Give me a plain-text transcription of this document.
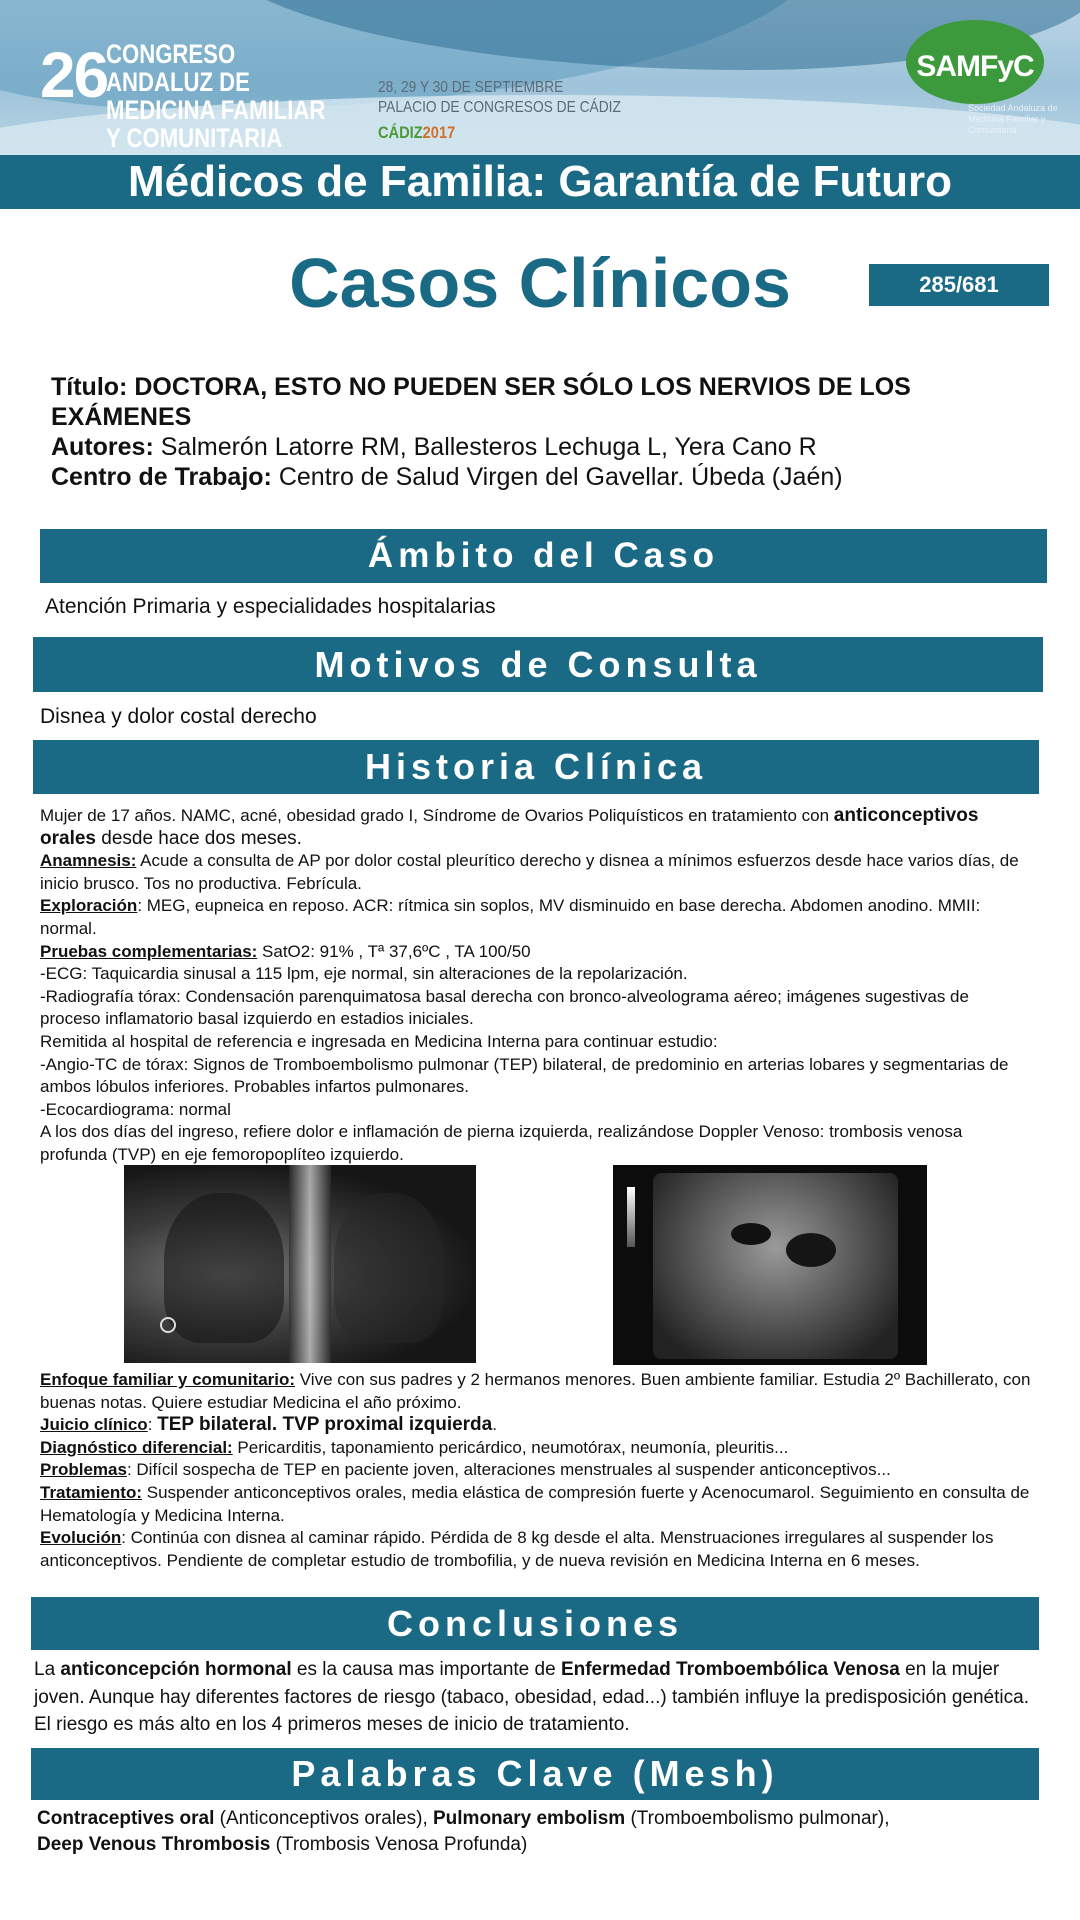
26
CONGRESO ANDALUZ DE MEDICINA FAMILIAR Y COMUNITARIA
28, 29 Y 30 DE SEPTIEMBRE
PALACIO DE CONGRESOS DE CÁDIZ
CÁDIZ2017
SAMFyC
Sociedad Andaluza de Medicina Familiar y Comunitaria
Médicos de Familia: Garantía de Futuro
Casos Clínicos	285/681
Título: DOCTORA, ESTO NO PUEDEN SER SÓLO LOS NERVIOS DE LOS EXÁMENES
Autores: Salmerón Latorre RM, Ballesteros Lechuga L, Yera Cano R
Centro de Trabajo: Centro de Salud Virgen del Gavellar. Úbeda (Jaén)
Ámbito del Caso
Atención Primaria y especialidades hospitalarias
Motivos de Consulta
Disnea y dolor costal derecho
Historia Clínica

Mujer de 17 años. NAMC, acné, obesidad grado I, Síndrome de Ovarios Poliquísticos en tratamiento con anticonceptivos orales desde hace dos meses.

Anamnesis: Acude a consulta de AP por dolor costal pleurítico derecho y disnea a mínimos esfuerzos desde hace varios días, de inicio brusco. Tos no productiva. Febrícula.

Exploración: MEG, eupneica en reposo. ACR: rítmica sin soplos, MV disminuido en base derecha. Abdomen anodino. MMII: normal.

Pruebas complementarias: SatO2: 91% , Tª 37,6ºC , TA 100/50

-ECG: Taquicardia sinusal a 115 lpm, eje normal, sin alteraciones de la repolarización.

-Radiografía tórax: Condensación parenquimatosa basal derecha con bronco-alveolograma aéreo; imágenes sugestivas de proceso inflamatorio basal izquierdo en estadios iniciales.

Remitida al hospital de referencia e ingresada en Medicina Interna para continuar estudio:

-Angio-TC de tórax: Signos de Tromboembolismo pulmonar (TEP) bilateral, de predominio en arterias lobares y segmentarias de ambos lóbulos inferiores. Probables infartos pulmonares.

-Ecocardiograma: normal

A los dos días del ingreso, refiere dolor e inflamación de pierna izquierda, realizándose Doppler Venoso: trombosis venosa profunda (TVP) en eje femoropoplíteo izquierdo.

Enfoque familiar y comunitario: Vive con sus padres y 2 hermanos menores. Buen ambiente familiar. Estudia 2º Bachillerato, con buenas notas. Quiere estudiar Medicina el año próximo.

Juicio clínico: TEP bilateral. TVP proximal izquierda.

Diagnóstico diferencial: Pericarditis, taponamiento pericárdico, neumotórax, neumonía, pleuritis...

Problemas: Difícil sospecha de TEP en paciente joven, alteraciones menstruales al suspender anticonceptivos...

Tratamiento: Suspender anticonceptivos orales, media elástica de compresión fuerte y Acenocumarol. Seguimiento en consulta de Hematología y Medicina Interna.

Evolución: Continúa con disnea al caminar rápido. Pérdida de 8 kg desde el alta. Menstruaciones irregulares al suspender los anticonceptivos. Pendiente de completar estudio de trombofilia, y de nueva revisión en Medicina Interna en 6 meses.

Conclusiones
La anticoncepción hormonal es la causa mas importante de Enfermedad Tromboembólica Venosa en la mujer joven. Aunque hay diferentes factores de riesgo (tabaco, obesidad, edad...) también influye la predisposición genética. El riesgo es más alto en los 4 primeros meses de inicio de tratamiento.
Palabras Clave (Mesh)
Contraceptives oral (Anticonceptivos orales), Pulmonary embolism (Tromboembolismo pulmonar),
Deep Venous Thrombosis (Trombosis Venosa Profunda)
